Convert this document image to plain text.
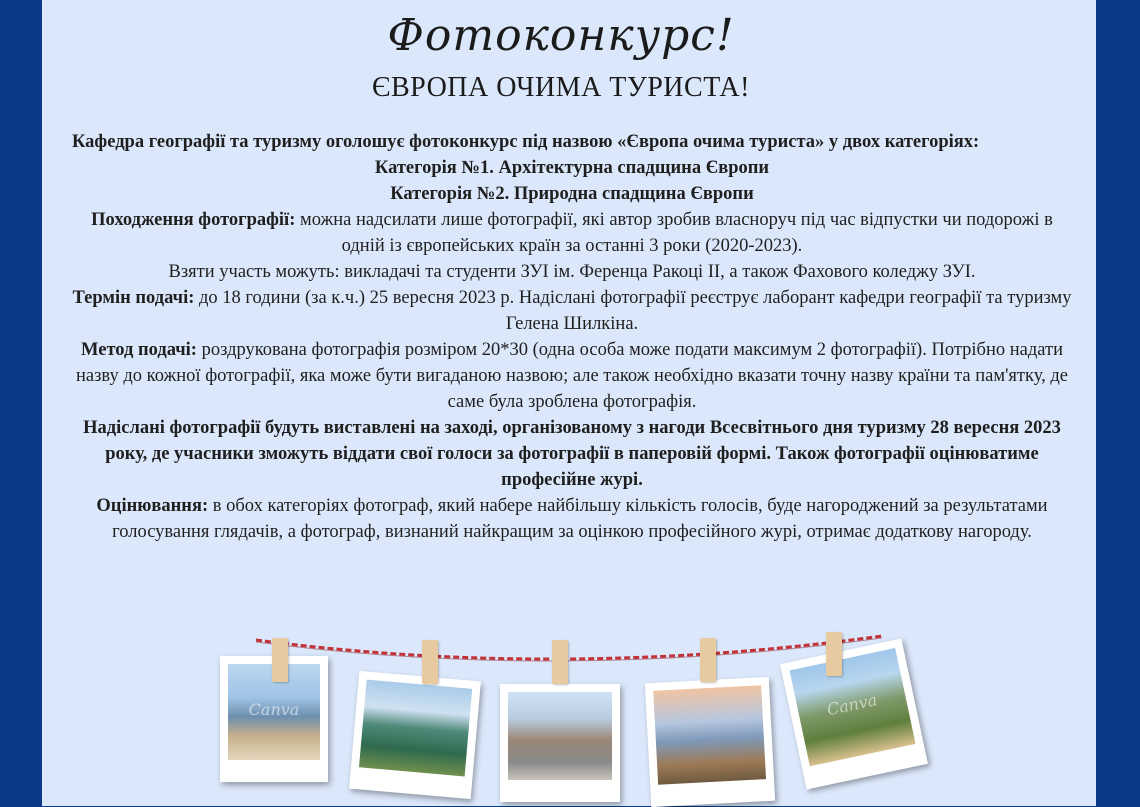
Фотоконкурс!
ЄВРОПА ОЧИМА ТУРИСТА!

Кафедра географії та туризму оголошує фотоконкурс під назвою «Європа очима туриста» у двох категоріях:

Категорія №1. Архітектурна спадщина Європи

Категорія №2. Природна спадщина Європи

Походження фотографії: можна надсилати лише фотографії, які автор зробив власноруч під час відпустки чи подорожі в одній із європейських країн за останні 3 роки (2020-2023).

Взяти участь можуть: викладачі та студенти ЗУІ ім. Ференца Ракоці ІІ, а також Фахового коледжу ЗУІ.

Термін подачі: до 18 години (за к.ч.) 25 вересня 2023 р. Надіслані фотографії реєструє лаборант кафедри географії та туризму Гелена Шилкіна.

Метод подачі: роздрукована фотографія розміром 20*30 (одна особа може подати максимум 2 фотографії). Потрібно надати назву до кожної фотографії, яка може бути вигаданою назвою; але також необхідно вказати точну назву країни та пам'ятку, де саме була зроблена фотографія.

Надіслані фотографії будуть виставлені на заході, організованому з нагоди Всесвітнього дня туризму 28 вересня 2023 року, де учасники зможуть віддати свої голоси за фотографії в паперовій формі. Також фотографії оцінюватиме професійне журі.

Оцінювання: в обох категоріях фотограф, який набере найбільшу кількість голосів, буде нагороджений за результатами голосування глядачів, а фотограф, визнаний найкращим за оцінкою професійного журі, отримає додаткову нагороду.

Canva	Canva
